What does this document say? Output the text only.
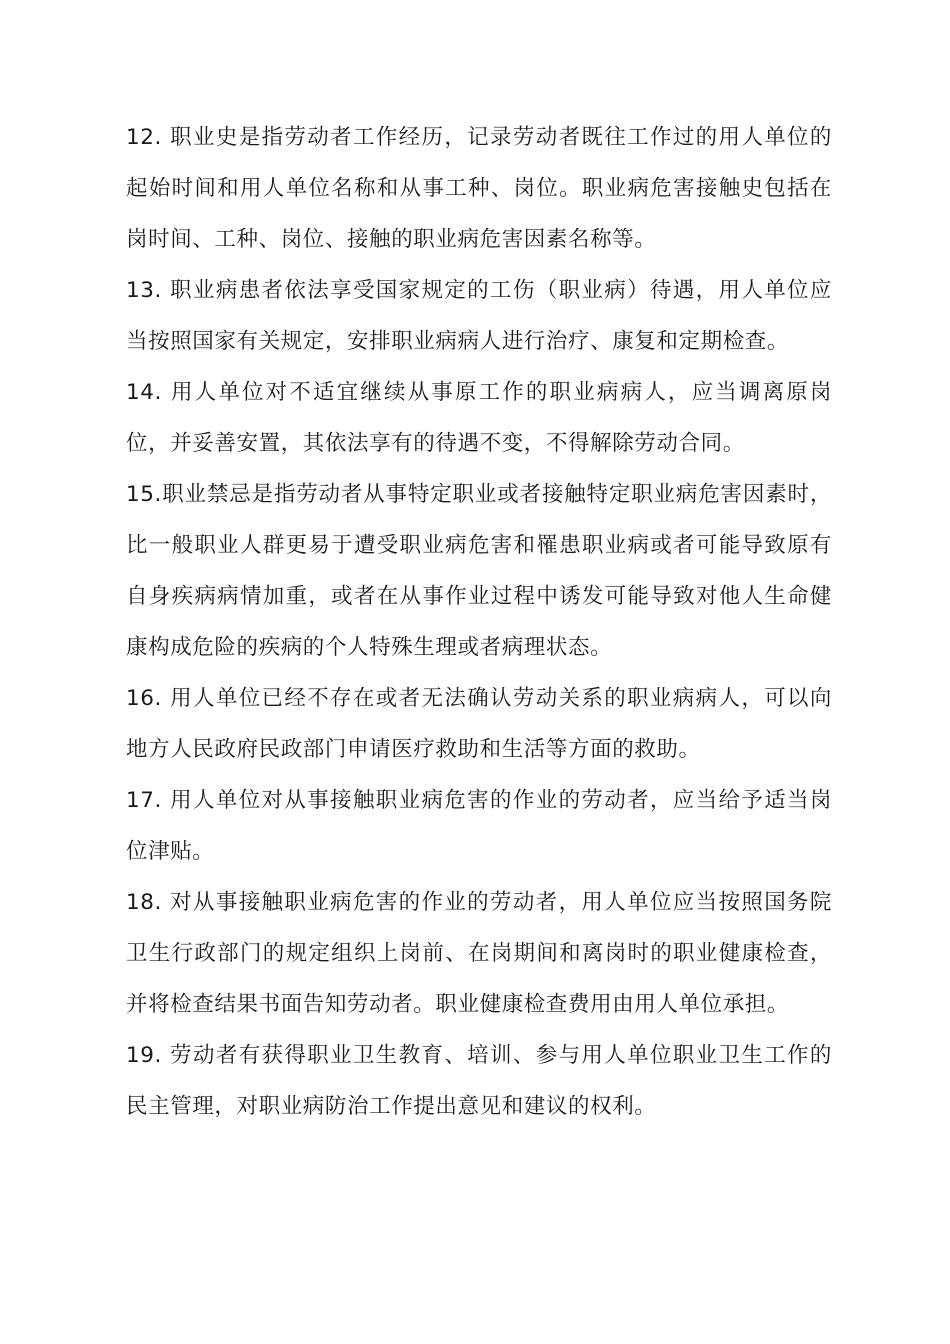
12. 职业史是指劳动者工作经历，记录劳动者既往工作过的用人单位的起始时间和用人单位名称和从事工种、岗位。职业病危害接触史包括在岗时间、工种、岗位、接触的职业病危害因素名称等。

13. 职业病患者依法享受国家规定的工伤（职业病）待遇，用人单位应当按照国家有关规定，安排职业病病人进行治疗、康复和定期检查。

14. 用人单位对不适宜继续从事原工作的职业病病人，应当调离原岗位，并妥善安置，其依法享有的待遇不变，不得解除劳动合同。

15.职业禁忌是指劳动者从事特定职业或者接触特定职业病危害因素时，比一般职业人群更易于遭受职业病危害和罹患职业病或者可能导致原有自身疾病病情加重，或者在从事作业过程中诱发可能导致对他人生命健康构成危险的疾病的个人特殊生理或者病理状态。

16. 用人单位已经不存在或者无法确认劳动关系的职业病病人，可以向地方人民政府民政部门申请医疗救助和生活等方面的救助。

17. 用人单位对从事接触职业病危害的作业的劳动者，应当给予适当岗位津贴。

18. 对从事接触职业病危害的作业的劳动者，用人单位应当按照国务院卫生行政部门的规定组织上岗前、在岗期间和离岗时的职业健康检查，并将检查结果书面告知劳动者。职业健康检查费用由用人单位承担。

19. 劳动者有获得职业卫生教育、培训、参与用人单位职业卫生工作的民主管理，对职业病防治工作提出意见和建议的权利。
